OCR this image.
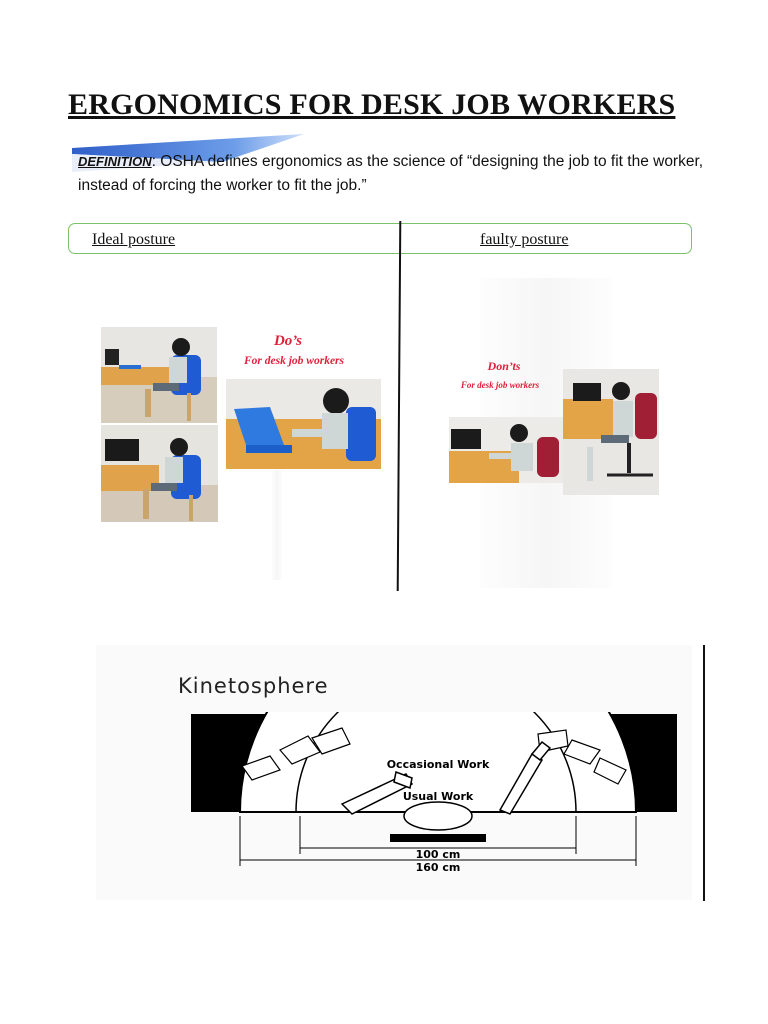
ERGONOMICS FOR DESK JOB WORKERS

DEFINITION: OSHA defines ergonomics as the science of “designing the job to fit the worker, instead of forcing the worker to fit the job.”

Ideal posture	faulty posture
Do’s
For desk job workers	Don’ts
For desk job workers
Kinetosphere
Non Working Area
Occasional Work
Usual Work
25 cm	50 cm
100 cm
160 cm
